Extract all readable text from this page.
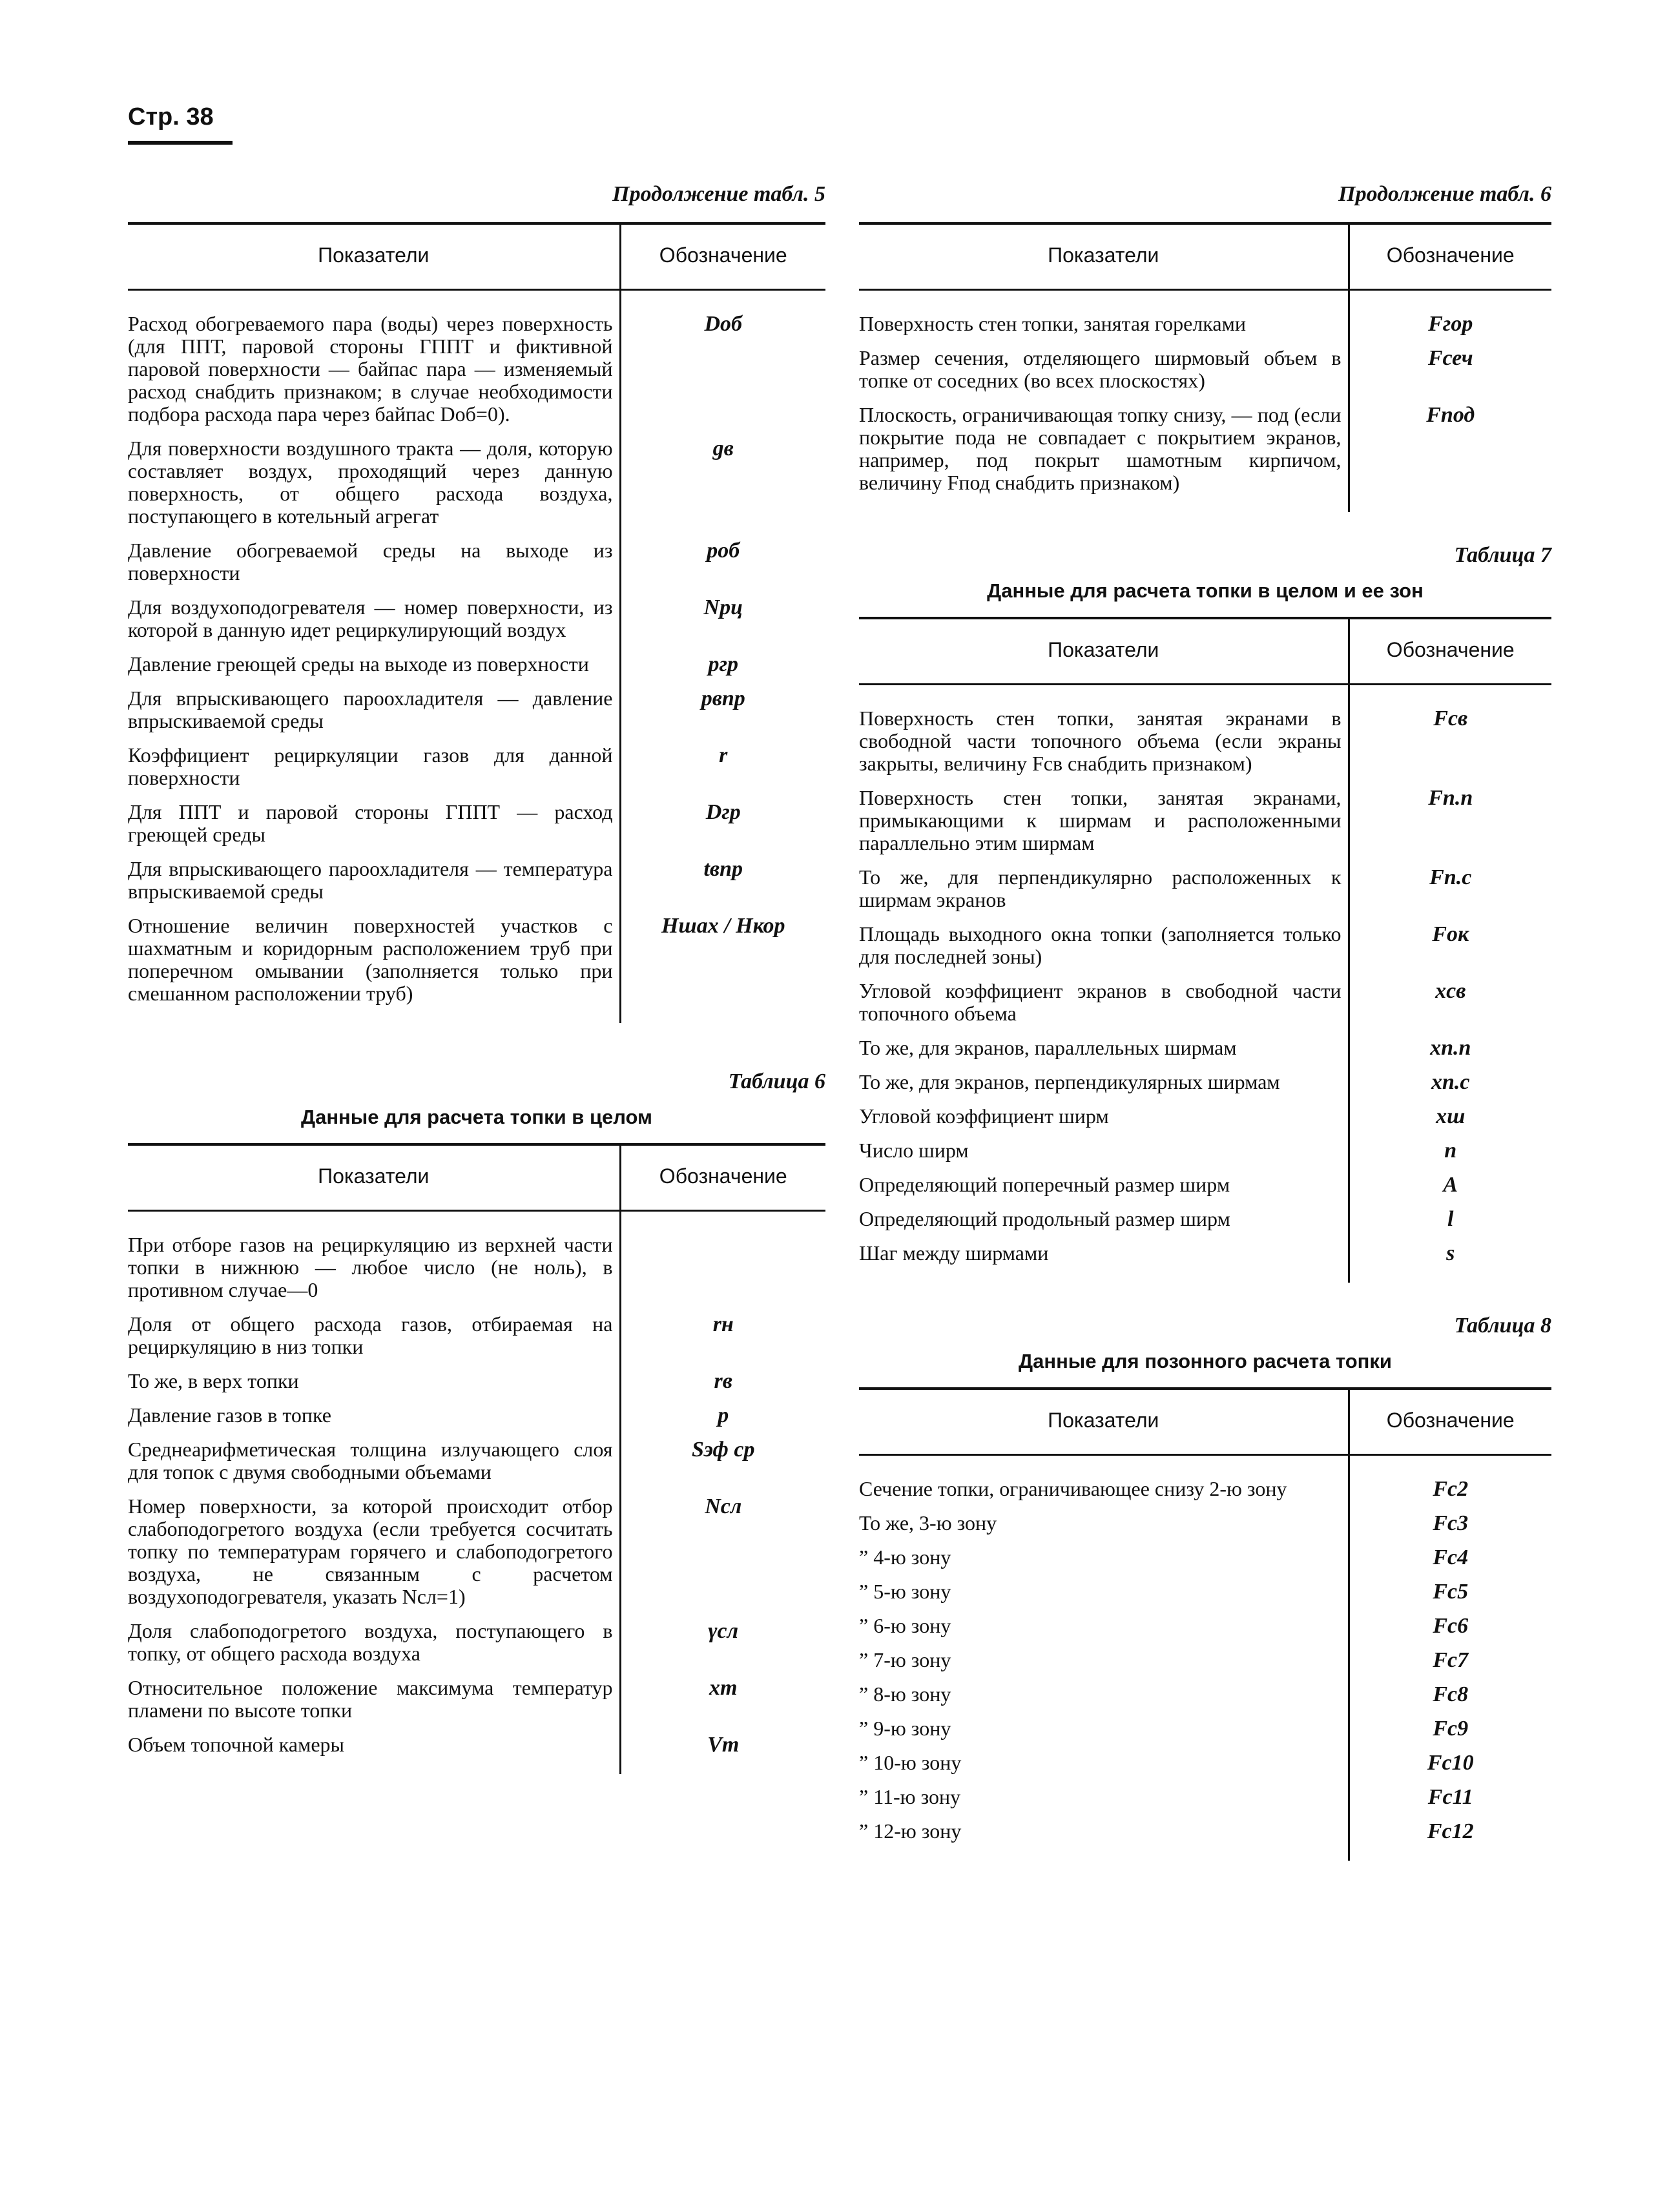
Стр. 38

Продолжение табл. 5

Показатели	Обозначение
Расход обогреваемого пара (воды) через поверхность (для ППТ, паровой стороны ГППТ и фиктивной паровой поверхности — байпас пара — изменяемый расход снабдить признаком; в случае необходимости подбора расхода пара через байпас Dоб=0).	Dоб
Для поверхности воздушного тракта — доля, которую составляет воздух, проходящий через данную поверхность, от общего расхода воздуха, поступающего в котельный агрегат	gв
Давление обогреваемой среды на выходе из поверхности	pоб
Для воздухоподогревателя — номер поверхности, из которой в данную идет рециркулирующий воздух	Nрц
Давление греющей среды на выходе из поверхности	pгр
Для впрыскивающего пароохладителя — давление впрыскиваемой среды	pвпр
Коэффициент рециркуляции газов для данной поверхности	r
Для ППТ и паровой стороны ГППТ — расход греющей среды	Dгр
Для впрыскивающего пароохладителя — температура впрыскиваемой среды	tвпр
Отношение величин поверхностей участков с шахматным и коридорным расположением труб при поперечном омывании (заполняется только при смешанном расположении труб)	Hшах / Hкор

Таблица 6

Данные для расчета топки в целом
Показатели	Обозначение
При отборе газов на рециркуляцию из верхней части топки в нижнюю — любое число (не ноль), в противном случае—0	
Доля от общего расхода газов, отбираемая на рециркуляцию в низ топки	rн
То же, в верх топки	rв
Давление газов в топке	p
Среднеарифметическая толщина излучающего слоя для топок с двумя свободными объемами	Sэф ср
Номер поверхности, за которой происходит отбор слабоподогретого воздуха (если требуется сосчитать топку по температурам горячего и слабоподогретого воздуха, не связанным с расчетом воздухоподогревателя, указать Nсл=1)	Nсл
Доля слабоподогретого воздуха, поступающего в топку, от общего расхода воздуха	γсл
Относительное положение максимума температур пламени по высоте топки	xт
Объем топочной камеры	Vт

Продолжение табл. 6

Показатели	Обозначение
Поверхность стен топки, занятая горелками	Fгор
Размер сечения, отделяющего ширмовый объем в топке от соседних (во всех плоскостях)	Fсеч
Плоскость, ограничивающая топку снизу, — под (если покрытие пода не совпадает с покрытием экранов, например, под покрыт шамотным кирпичом, величину Fпод снабдить признаком)	Fпод

Таблица 7

Данные для расчета топки в целом и ее зон
Показатели	Обозначение
Поверхность стен топки, занятая экранами в свободной части топочного объема (если экраны закрыты, величину Fсв снабдить признаком)	Fсв
Поверхность стен топки, занятая экранами, примыкающими к ширмам и расположенными параллельно этим ширмам	Fп.п
То же, для перпендикулярно расположенных к ширмам экранов	Fп.с
Площадь выходного окна топки (заполняется только для последней зоны)	Fок
Угловой коэффициент экранов в свободной части топочного объема	xсв
То же, для экранов, параллельных ширмам	xп.п
То же, для экранов, перпендикулярных ширмам	xп.с
Угловой коэффициент ширм	xш
Число ширм	n
Определяющий поперечный размер ширм	A
Определяющий продольный размер ширм	l
Шаг между ширмами	s

Таблица 8

Данные для позонного расчета топки
Показатели	Обозначение
Сечение топки, ограничивающее снизу 2-ю зону	Fс2
То же, 3-ю зону	Fс3
” 4-ю зону	Fс4
” 5-ю зону	Fс5
” 6-ю зону	Fс6
” 7-ю зону	Fс7
” 8-ю зону	Fс8
” 9-ю зону	Fс9
” 10-ю зону	Fс10
” 11-ю зону	Fс11
” 12-ю зону	Fс12
